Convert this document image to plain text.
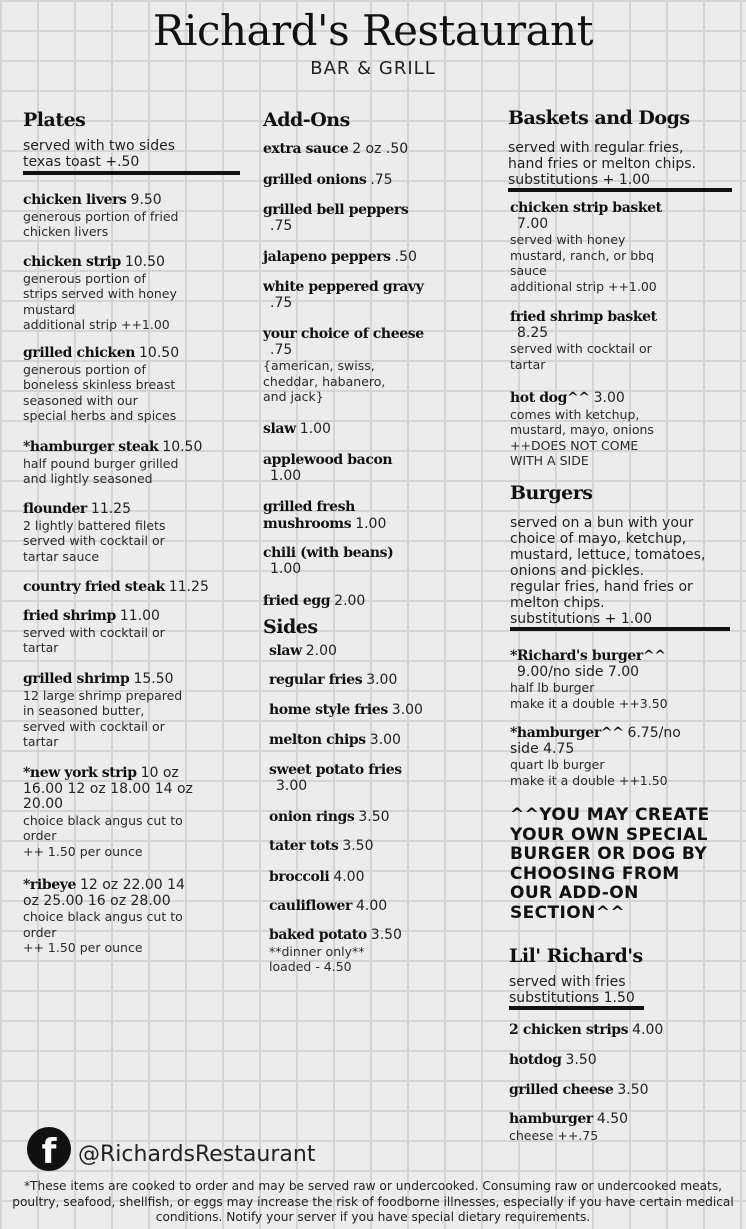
Richard's Restaurant
BAR & GRILL
Plates
served with two sides
texas toast +.50
chicken livers 9.50
generous portion of fried
chicken livers
chicken strip 10.50
generous portion of
strips served with honey
mustard
additional strip ++1.00
grilled chicken 10.50
generous portion of
boneless skinless breast
seasoned with our
special herbs and spices
*hamburger steak 10.50
half pound burger grilled
and lightly seasoned
flounder 11.25
2 lightly battered filets
served with cocktail or
tartar sauce
country fried steak 11.25
fried shrimp 11.00
served with cocktail or
tartar
grilled shrimp 15.50
12 large shrimp prepared
in seasoned butter,
served with cocktail or
tartar
*new york strip 10 oz
16.00 12 oz 18.00 14 oz
20.00
choice black angus cut to
order
++ 1.50 per ounce
*ribeye 12 oz 22.00 14
oz 25.00 16 oz 28.00
choice black angus cut to
order
++ 1.50 per ounce
Add-Ons
extra sauce 2 oz .50
grilled onions .75
grilled bell peppers
.75
jalapeno peppers .50
white peppered gravy
.75
your choice of cheese
.75
{american, swiss,
cheddar, habanero,
and jack}
slaw 1.00
applewood bacon
1.00
grilled fresh
mushrooms 1.00
chili (with beans)
1.00
fried egg 2.00
Sides
slaw 2.00
regular fries 3.00
home style fries 3.00
melton chips 3.00
sweet potato fries
3.00
onion rings 3.50
tater tots 3.50
broccoli 4.00
cauliflower 4.00
baked potato 3.50
**dinner only**
loaded - 4.50
Baskets and Dogs
served with regular fries,
hand fries or melton chips.
substitutions + 1.00
chicken strip basket
7.00
served with honey
mustard, ranch, or bbq
sauce
additional strip ++1.00
fried shrimp basket
8.25
served with cocktail or
tartar
hot dog^^ 3.00
comes with ketchup,
mustard, mayo, onions
++DOES NOT COME
WITH A SIDE
Burgers
served on a bun with your
choice of mayo, ketchup,
mustard, lettuce, tomatoes,
onions and pickles.
regular fries, hand fries or
melton chips.
substitutions + 1.00
*Richard's burger^^
9.00/no side 7.00
half lb burger
make it a double ++3.50
*hamburger^^ 6.75/no
side 4.75
quart lb burger
make it a double ++1.50
^^YOU MAY CREATE
YOUR OWN SPECIAL
BURGER OR DOG BY
CHOOSING FROM
OUR ADD-ON
SECTION^^
Lil' Richard's
served with fries
substitutions 1.50
2 chicken strips 4.00
hotdog 3.50
grilled cheese 3.50
hamburger 4.50
cheese ++.75
f @RichardsRestaurant
*These items are cooked to order and may be served raw or undercooked. Consuming raw or undercooked meats,
poultry, seafood, shellfish, or eggs may increase the risk of foodborne illnesses, especially if you have certain medical
conditions. Notify your server if you have special dietary requirements.
